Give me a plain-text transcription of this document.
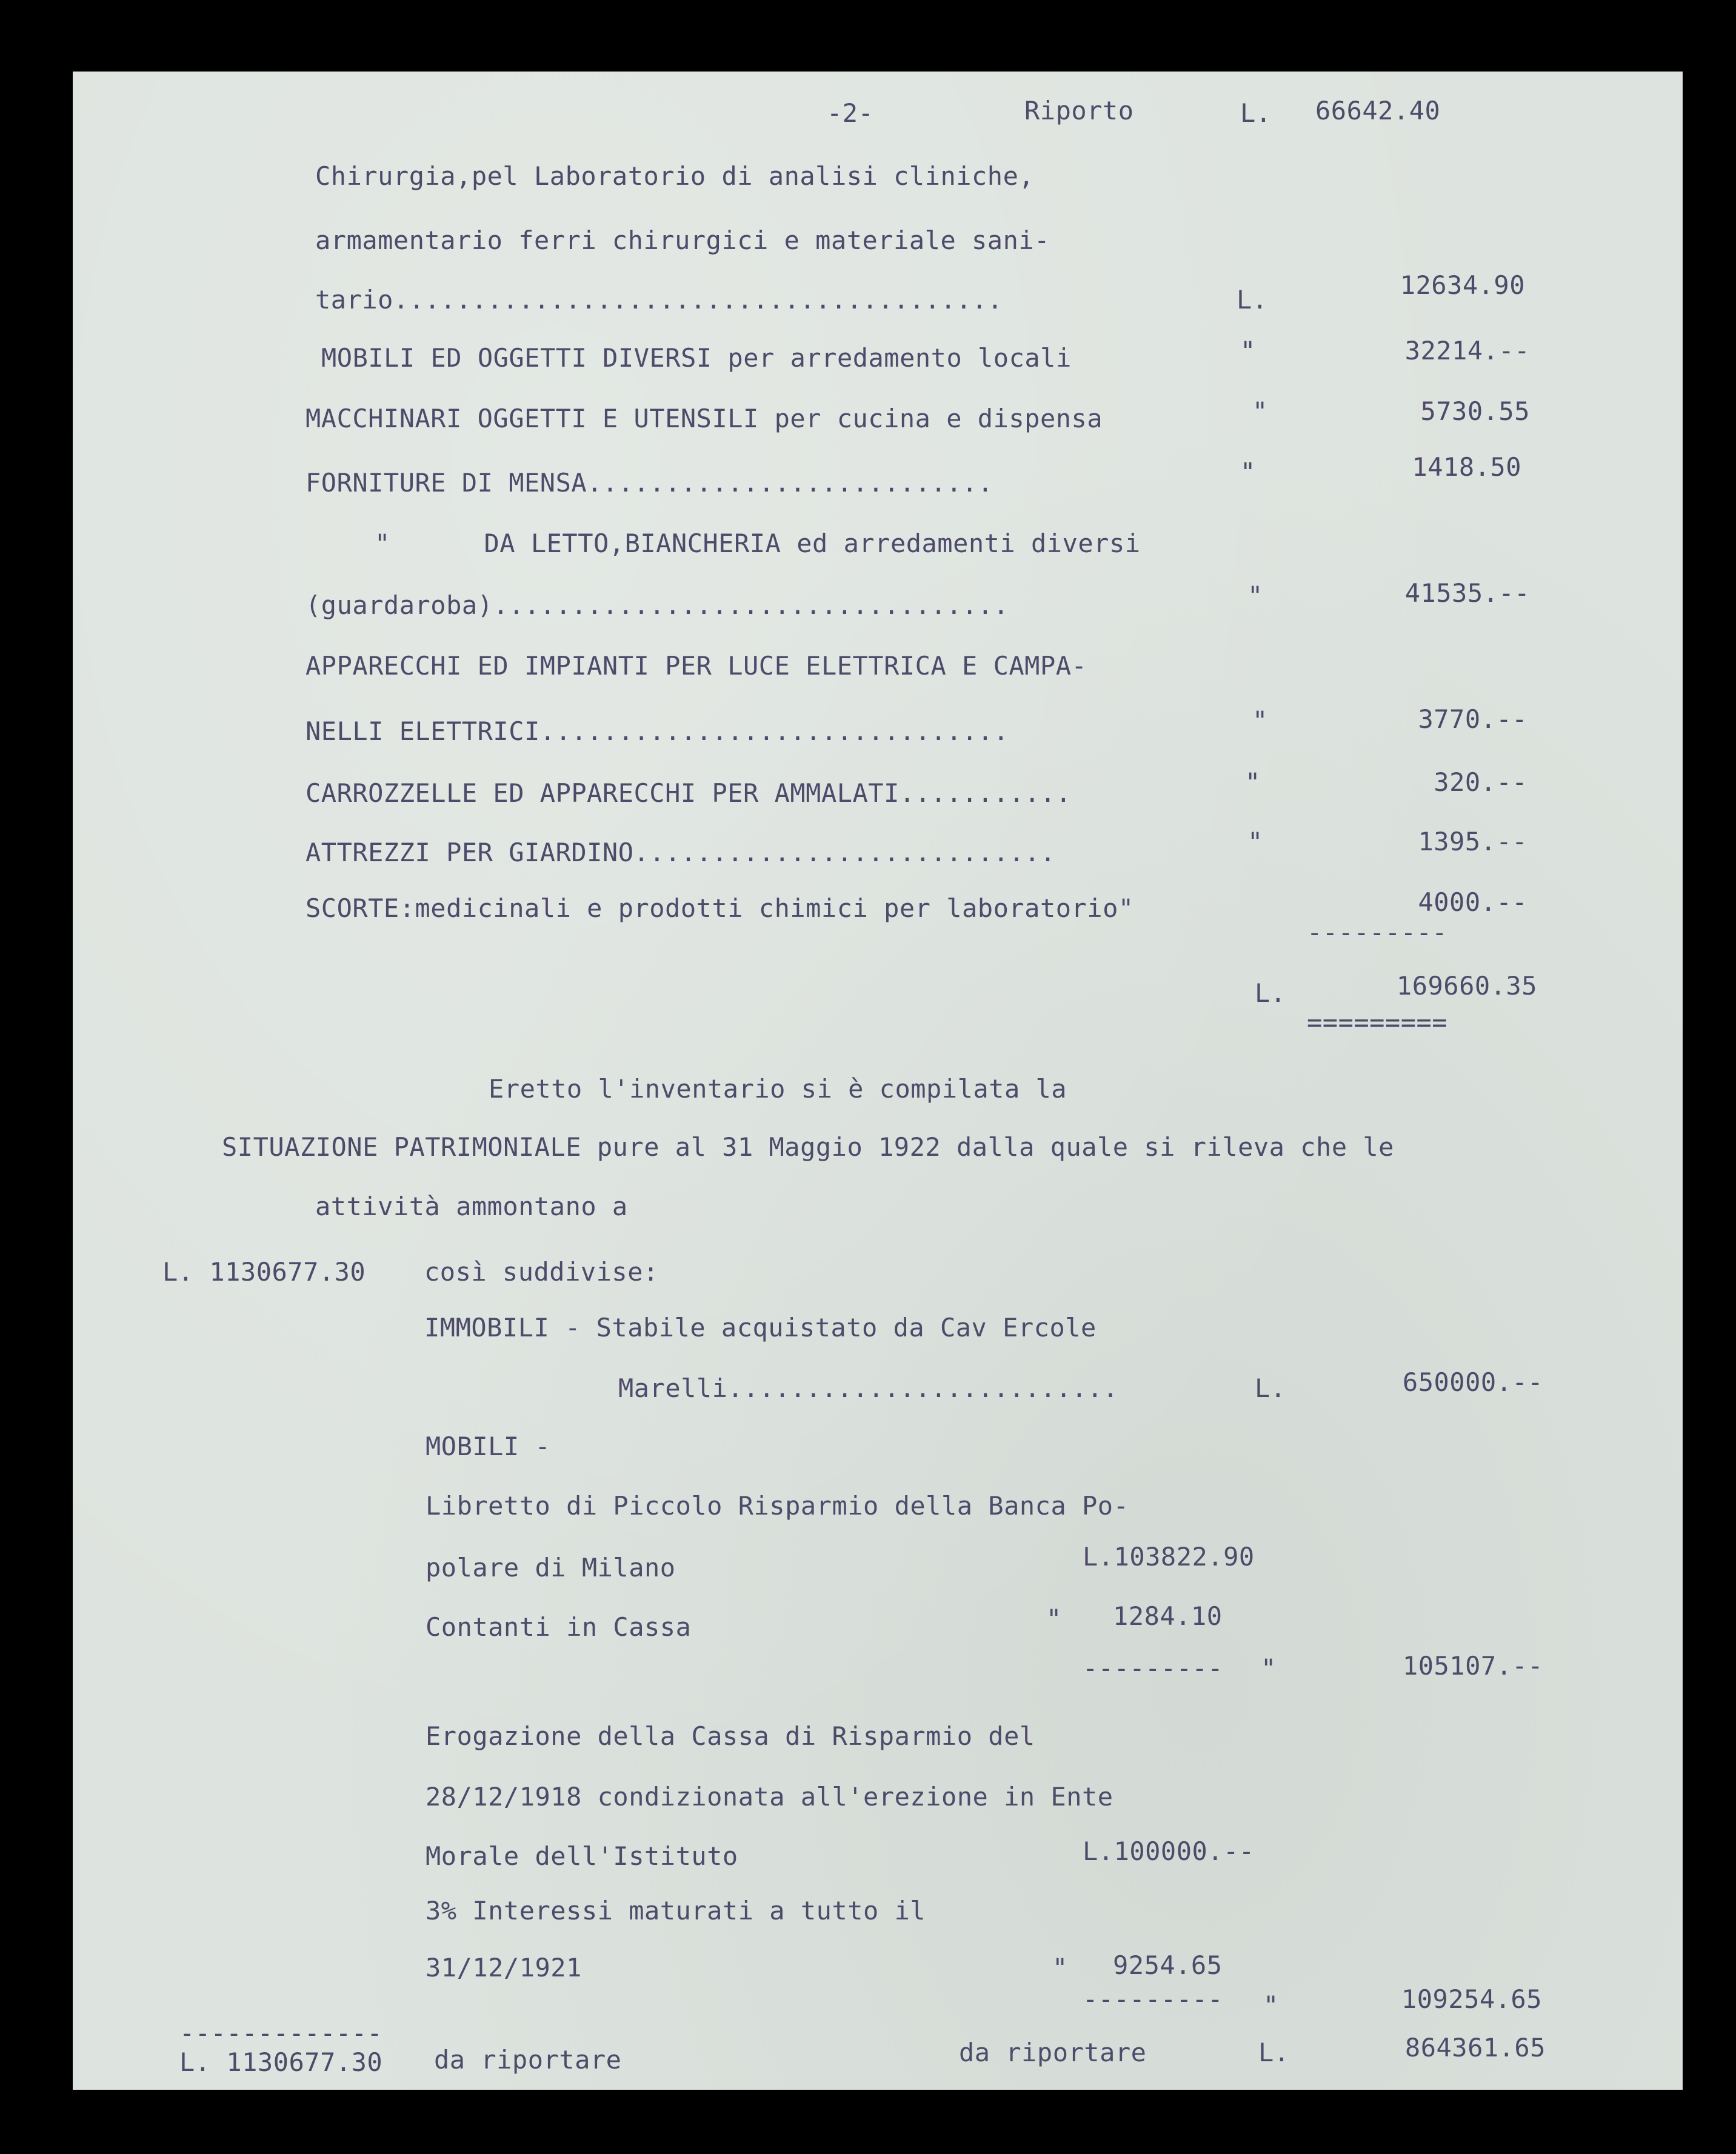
-2-	Riporto	L. 66642.40
Chirurgia,pel Laboratorio di analisi cliniche,
armamentario ferri chirurgici e materiale sani-
tario.......................................	L.	12634.90
MOBILI ED OGGETTI DIVERSI per arredamento locali	"	32214.--
MACCHINARI OGGETTI E UTENSILI per cucina e dispensa	"	5730.55
FORNITURE DI MENSA..........................	"	1418.50
"      DA LETTO,BIANCHERIA ed arredamenti diversi
(guardaroba).................................	"	41535.--
APPARECCHI ED IMPIANTI PER LUCE ELETTRICA E CAMPA-
NELLI ELETTRICI..............................	"	3770.--
CARROZZELLE ED APPARECCHI PER AMMALATI...........	"	320.--
ATTREZZI PER GIARDINO...........................	"	1395.--
SCORTE:medicinali e prodotti chimici per laboratorio"	4000.--
---------
L.	169660.35
=========
Eretto l'inventario si è compilata la
SITUAZIONE PATRIMONIALE pure al 31 Maggio 1922 dalla quale si rileva che le
attività ammontano a
L. 1130677.30 così suddivise:
IMMOBILI - Stabile acquistato da Cav Ercole
Marelli.........................	L.	650000.--
MOBILI -
Libretto di Piccolo Risparmio della Banca Po-
polare di Milano	L.103822.90
Contanti in Cassa	" 1284.10
--------- "	105107.--
Erogazione della Cassa di Risparmio del
28/12/1918 condizionata all'erezione in Ente
Morale dell'Istituto	L.100000.--
3% Interessi maturati a tutto il
31/12/1921	" 9254.65
--------- "	109254.65
-------------
L. 1130677.30 da riportare	da riportare	L.	864361.65
